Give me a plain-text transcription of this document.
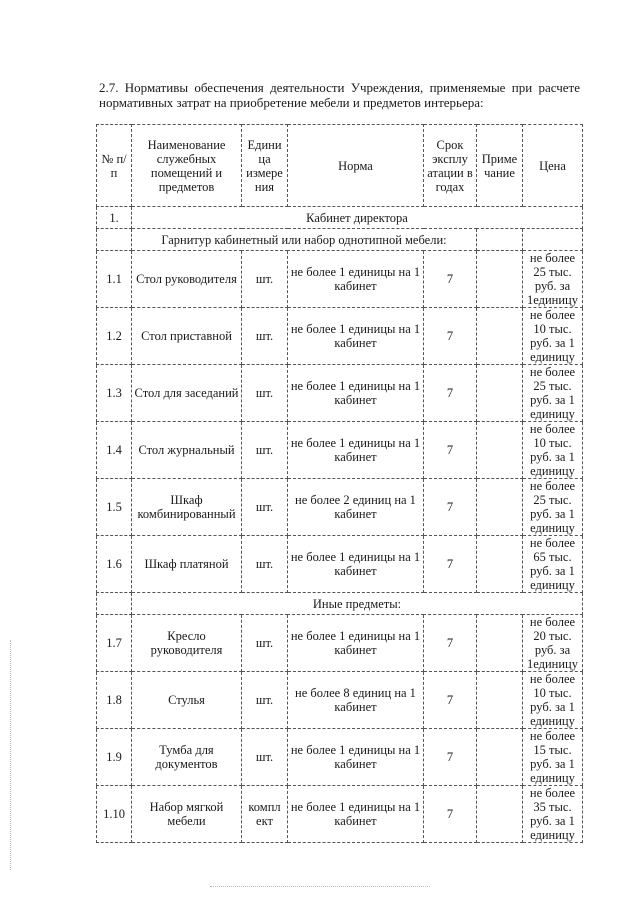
2.7. Нормативы обеспечения деятельности Учреждения, применяемые при расчете нормативных затрат на приобретение мебели и предметов интерьера:
№ п/п	Наименование служебных помещений и предметов	Едини ца измере ния	Норма	Срок эксплу атации в годах	Приме чание	Цена
1.	Кабинет директора					
	Гарнитур кабинетный или набор однотипной мебели:					
1.1	Стол руководителя	шт.	не более 1 единицы на 1 кабинет	7		не более 25 тыс. руб. за 1единицу
1.2	Стол приставной	шт.	не более 1 единицы на 1 кабинет	7		не более 10 тыс. руб. за 1 единицу
1.3	Стол для заседаний	шт.	не более 1 единицы на 1 кабинет	7		не более 25 тыс. руб. за 1 единицу
1.4	Стол журнальный	шт.	не более 1 единицы на 1 кабинет	7		не более 10 тыс. руб. за 1 единицу
1.5	Шкаф комбинированный	шт.	не более 2 единиц на 1 кабинет	7		не более 25 тыс. руб. за 1 единицу
1.6	Шкаф платяной	шт.	не более 1 единицы на 1 кабинет	7		не более 65 тыс. руб. за 1 единицу
	Иные предметы:					
1.7	Кресло руководителя	шт.	не более 1 единицы на 1 кабинет	7		не более 20 тыс. руб. за 1единицу
1.8	Стулья	шт.	не более 8 единиц на 1 кабинет	7		не более 10 тыс. руб. за 1 единицу
1.9	Тумба для документов	шт.	не более 1 единицы на 1 кабинет	7		не более 15 тыс. руб. за 1 единицу
1.10	Набор мягкой мебели	компл ект	не более 1 единицы на 1 кабинет	7		не более 35 тыс. руб. за 1 единицу
